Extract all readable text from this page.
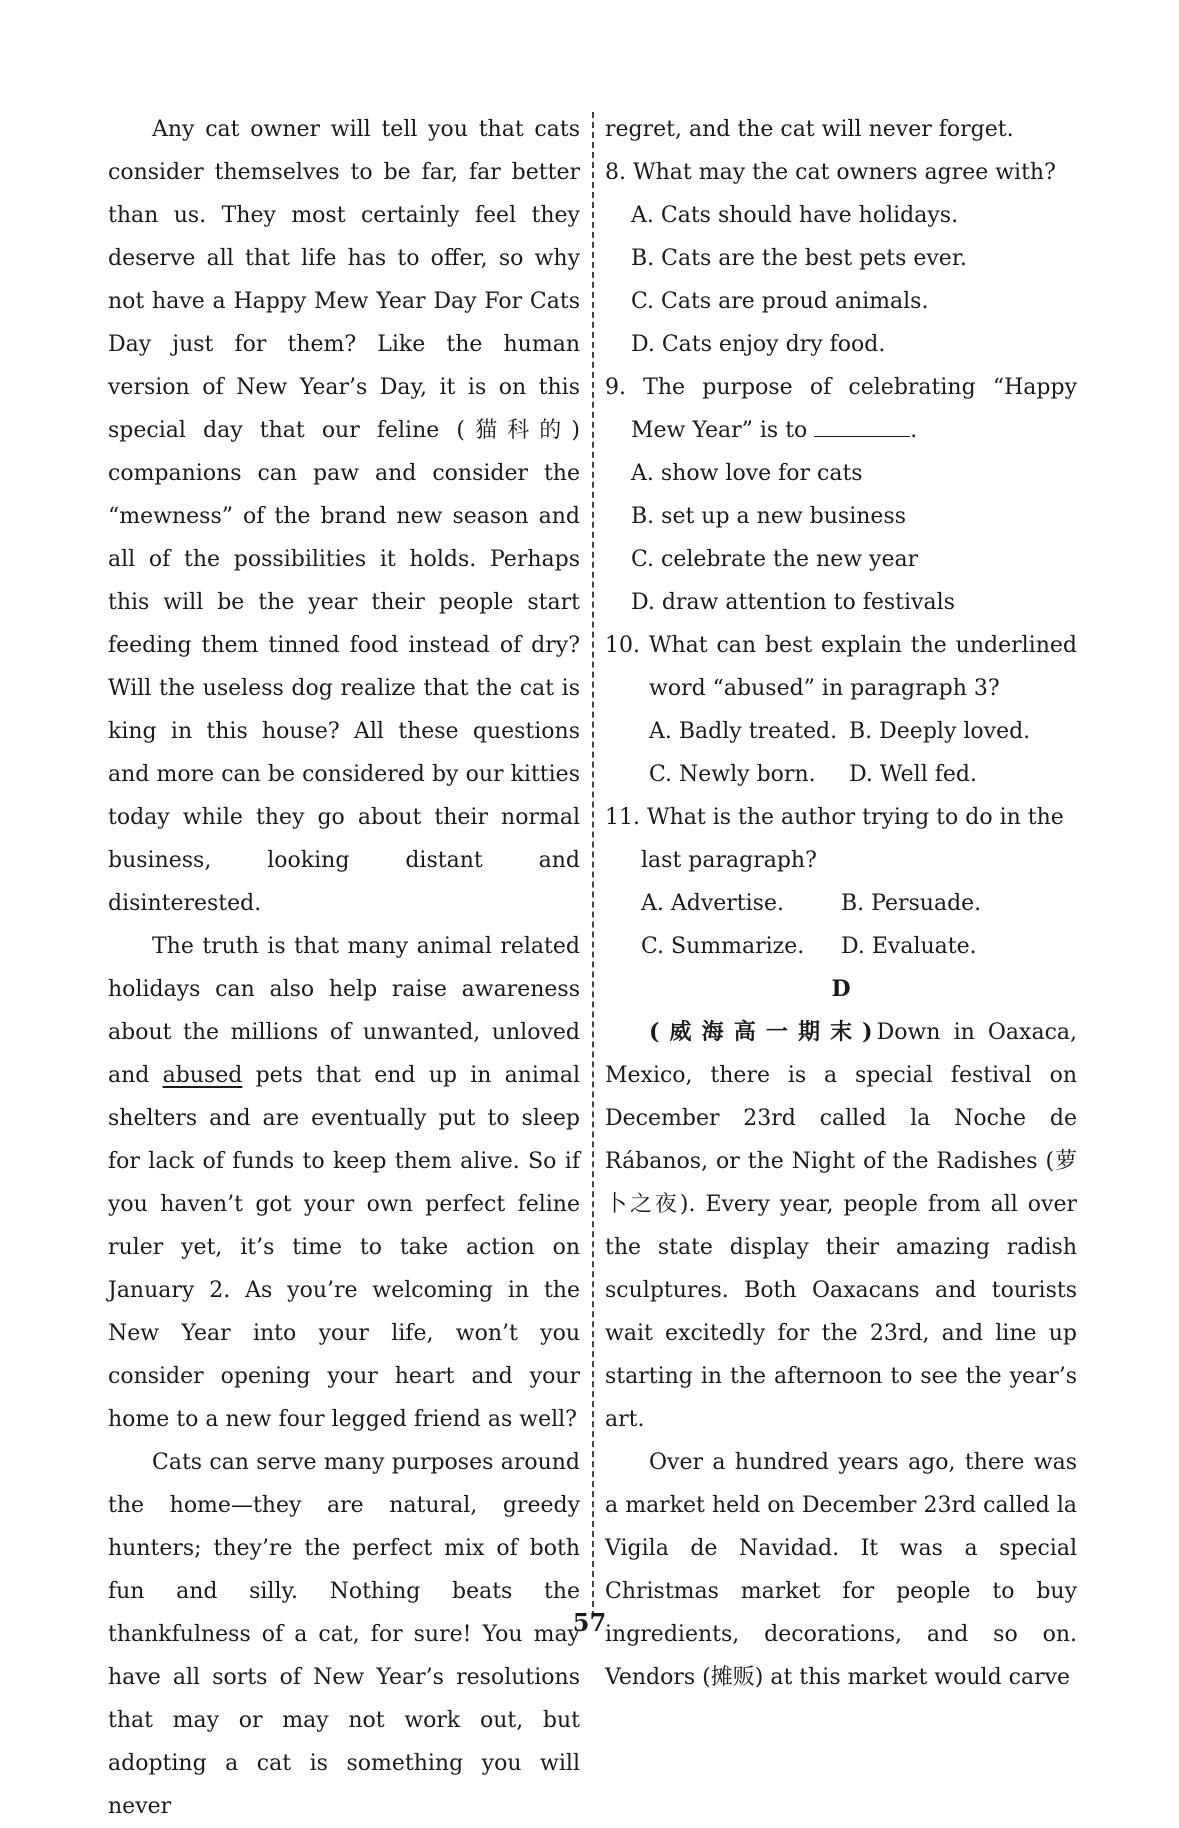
Any cat owner will tell you that cats consider themselves to be far, far better than us. They most certainly feel they deserve all that life has to offer, so why not have a Happy Mew Year Day For Cats Day just for them? Like the human version of New Year’s Day, it is on this special day that our feline (猫科的) companions can paw and consider the “mewness” of the brand new season and all of the possibilities it holds. Perhaps this will be the year their people start feeding them tinned food instead of dry? Will the useless dog realize that the cat is king in this house? All these questions and more can be considered by our kitties today while they go about their normal business, looking distant and disinterested.

The truth is that many animal related holidays can also help raise awareness about the millions of unwanted, unloved and abused pets that end up in animal shelters and are eventually put to sleep for lack of funds to keep them alive. So if you haven’t got your own perfect feline ruler yet, it’s time to take action on January 2. As you’re welcoming in the New Year into your life, won’t you consider opening your heart and your home to a new four legged friend as well?

Cats can serve many purposes around the home—they are natural, greedy hunters; they’re the perfect mix of both fun and silly. Nothing beats the thankfulness of a cat, for sure! You may have all sorts of New Year’s resolutions that may or may not work out, but adopting a cat is something you will never

regret, and the cat will never forget.

8. What may the cat owners agree with?

A. Cats should have holidays.

B. Cats are the best pets ever.

C. Cats are proud animals.

D. Cats enjoy dry food.

9. The purpose of celebrating “Happy Mew Year” is to	.

A. show love for cats

B. set up a new business

C. celebrate the new year

D. draw attention to festivals

10. What can best explain the underlined word “abused” in paragraph 3?

A. Badly treated. B. Deeply loved.
C. Newly born.	D. Well fed.

11. What is the author trying to do in the last paragraph?

A. Advertise.	B. Persuade.
C. Summarize.	D. Evaluate.

D

(威海高一期末)Down in Oaxaca, Mexico, there is a special festival on December 23rd called la Noche de Rábanos, or the Night of the Radishes (萝卜之夜). Every year, people from all over the state display their amazing radish sculptures. Both Oaxacans and tourists wait excitedly for the 23rd, and line up starting in the afternoon to see the year’s art.

Over a hundred years ago, there was a market held on December 23rd called la Vigila de Navidad. It was a special Christmas market for people to buy ingredients, decorations, and so on. Vendors (摊贩) at this market would carve

57
